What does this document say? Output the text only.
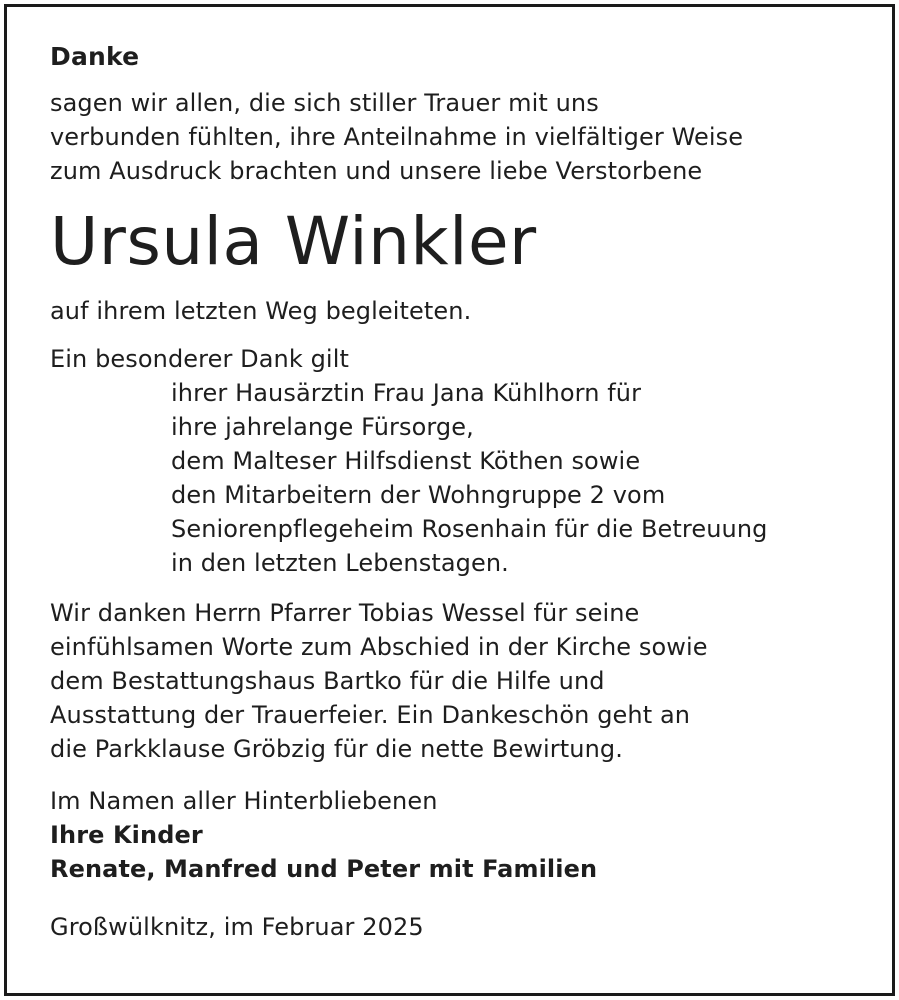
Danke
sagen wir allen, die sich stiller Trauer mit uns
verbunden fühlten, ihre Anteilnahme in vielfältiger Weise
zum Ausdruck brachten und unsere liebe Verstorbene
Ursula Winkler
auf ihrem letzten Weg begleiteten.
Ein besonderer Dank gilt
ihrer Hausärztin Frau Jana Kühlhorn für
ihre jahrelange Fürsorge,
dem Malteser Hilfsdienst Köthen sowie
den Mitarbeitern der Wohngruppe 2 vom
Seniorenpflegeheim Rosenhain für die Betreuung
in den letzten Lebenstagen.
Wir danken Herrn Pfarrer Tobias Wessel für seine
einfühlsamen Worte zum Abschied in der Kirche sowie
dem Bestattungshaus Bartko für die Hilfe und
Ausstattung der Trauerfeier. Ein Dankeschön geht an
die Parkklause Gröbzig für die nette Bewirtung.
Im Namen aller Hinterbliebenen
Ihre Kinder
Renate, Manfred und Peter mit Familien
Großwülknitz, im Februar 2025
